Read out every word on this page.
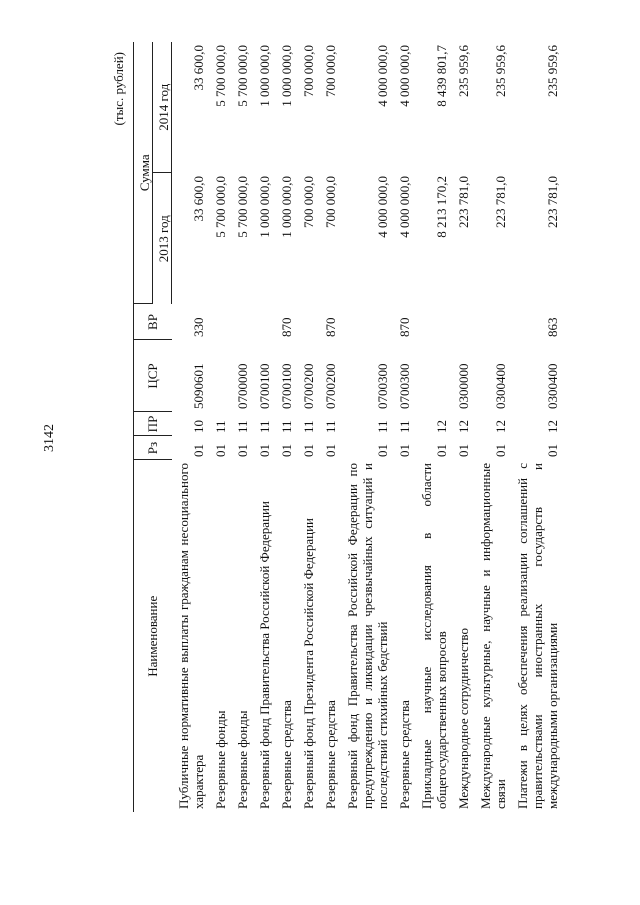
3142
(тыс. рублей)
Наименование	Рз	ПР	ЦСР	ВР	Сумма	
					2013 год	2014 год
Публичные нормативные выплаты гражданам несоциального характера	01	10	5090601	330	33 600,0	33 600,0
Резервные фонды	01	11			5 700 000,0	5 700 000,0
Резервные фонды	01	11	0700000		5 700 000,0	5 700 000,0
Резервный фонд Правительства Российской Федерации	01	11	0700100		1 000 000,0	1 000 000,0
Резервные средства	01	11	0700100	870	1 000 000,0	1 000 000,0
Резервный фонд Президента Российской Федерации	01	11	0700200		700 000,0	700 000,0
Резервные средства	01	11	0700200	870	700 000,0	700 000,0
Резервный фонд Правительства Российской Федерации по предупреждению и ликвидации чрезвычайных ситуаций и последствий стихийных бедствий	01	11	0700300		4 000 000,0	4 000 000,0
Резервные средства	01	11	0700300	870	4 000 000,0	4 000 000,0
Прикладные научные исследования в области общегосударственных вопросов	01	12			8 213 170,2	8 439 801,7
Международное сотрудничество	01	12	0300000		223 781,0	235 959,6
Международные культурные, научные и информационные связи	01	12	0300400		223 781,0	235 959,6
Платежи в целях обеспечения реализации соглашений с правительствами иностранных государств и международными организациями	01	12	0300400	863	223 781,0	235 959,6
